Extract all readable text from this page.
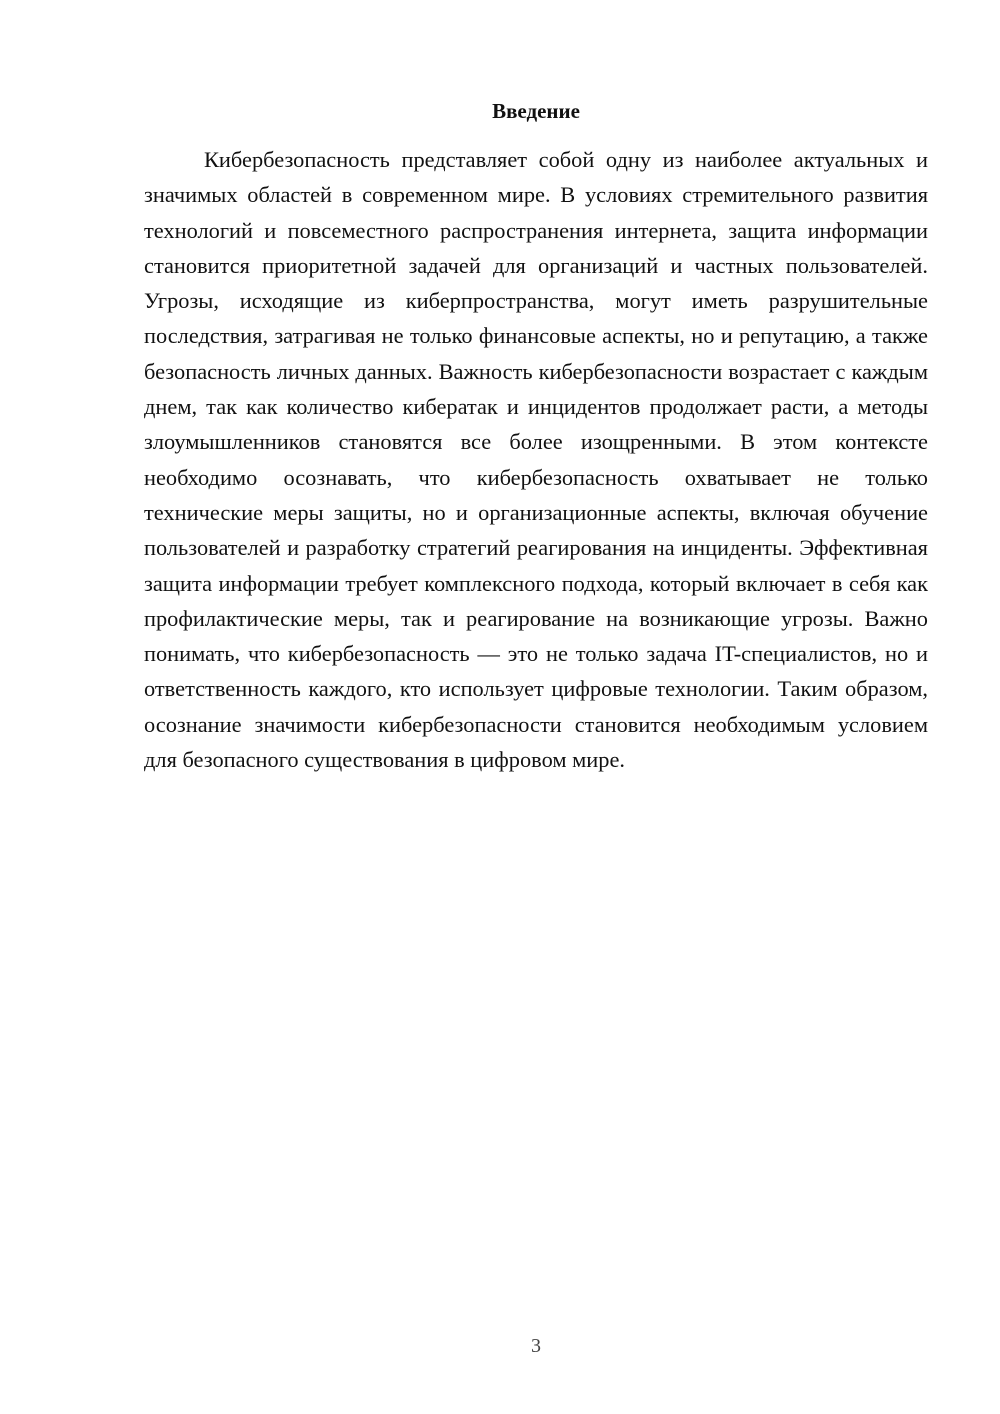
Введение

Кибербезопасность представляет собой одну из наиболее актуальных и значимых областей в современном мире. В условиях стремительного развития технологий и повсеместного распространения интернета, защита информации становится приоритетной задачей для организаций и частных пользователей. Угрозы, исходящие из киберпространства, могут иметь разрушительные последствия, затрагивая не только финансовые аспекты, но и репутацию, а также безопасность личных данных. Важность кибербезопасности возрастает с каждым днем, так как количество кибератак и инцидентов продолжает расти, а методы злоумышленников становятся все более изощренными. В этом контексте необходимо осознавать, что кибербезопасность охватывает не только технические меры защиты, но и организационные аспекты, включая обучение пользователей и разработку стратегий реагирования на инциденты. Эффективная защита информации требует комплексного подхода, который включает в себя как профилактические меры, так и реагирование на возникающие угрозы. Важно понимать, что кибербезопасность — это не только задача IT-специалистов, но и ответственность каждого, кто использует цифровые технологии. Таким образом, осознание значимости кибербезопасности становится необходимым условием для безопасного существования в цифровом мире.

3
